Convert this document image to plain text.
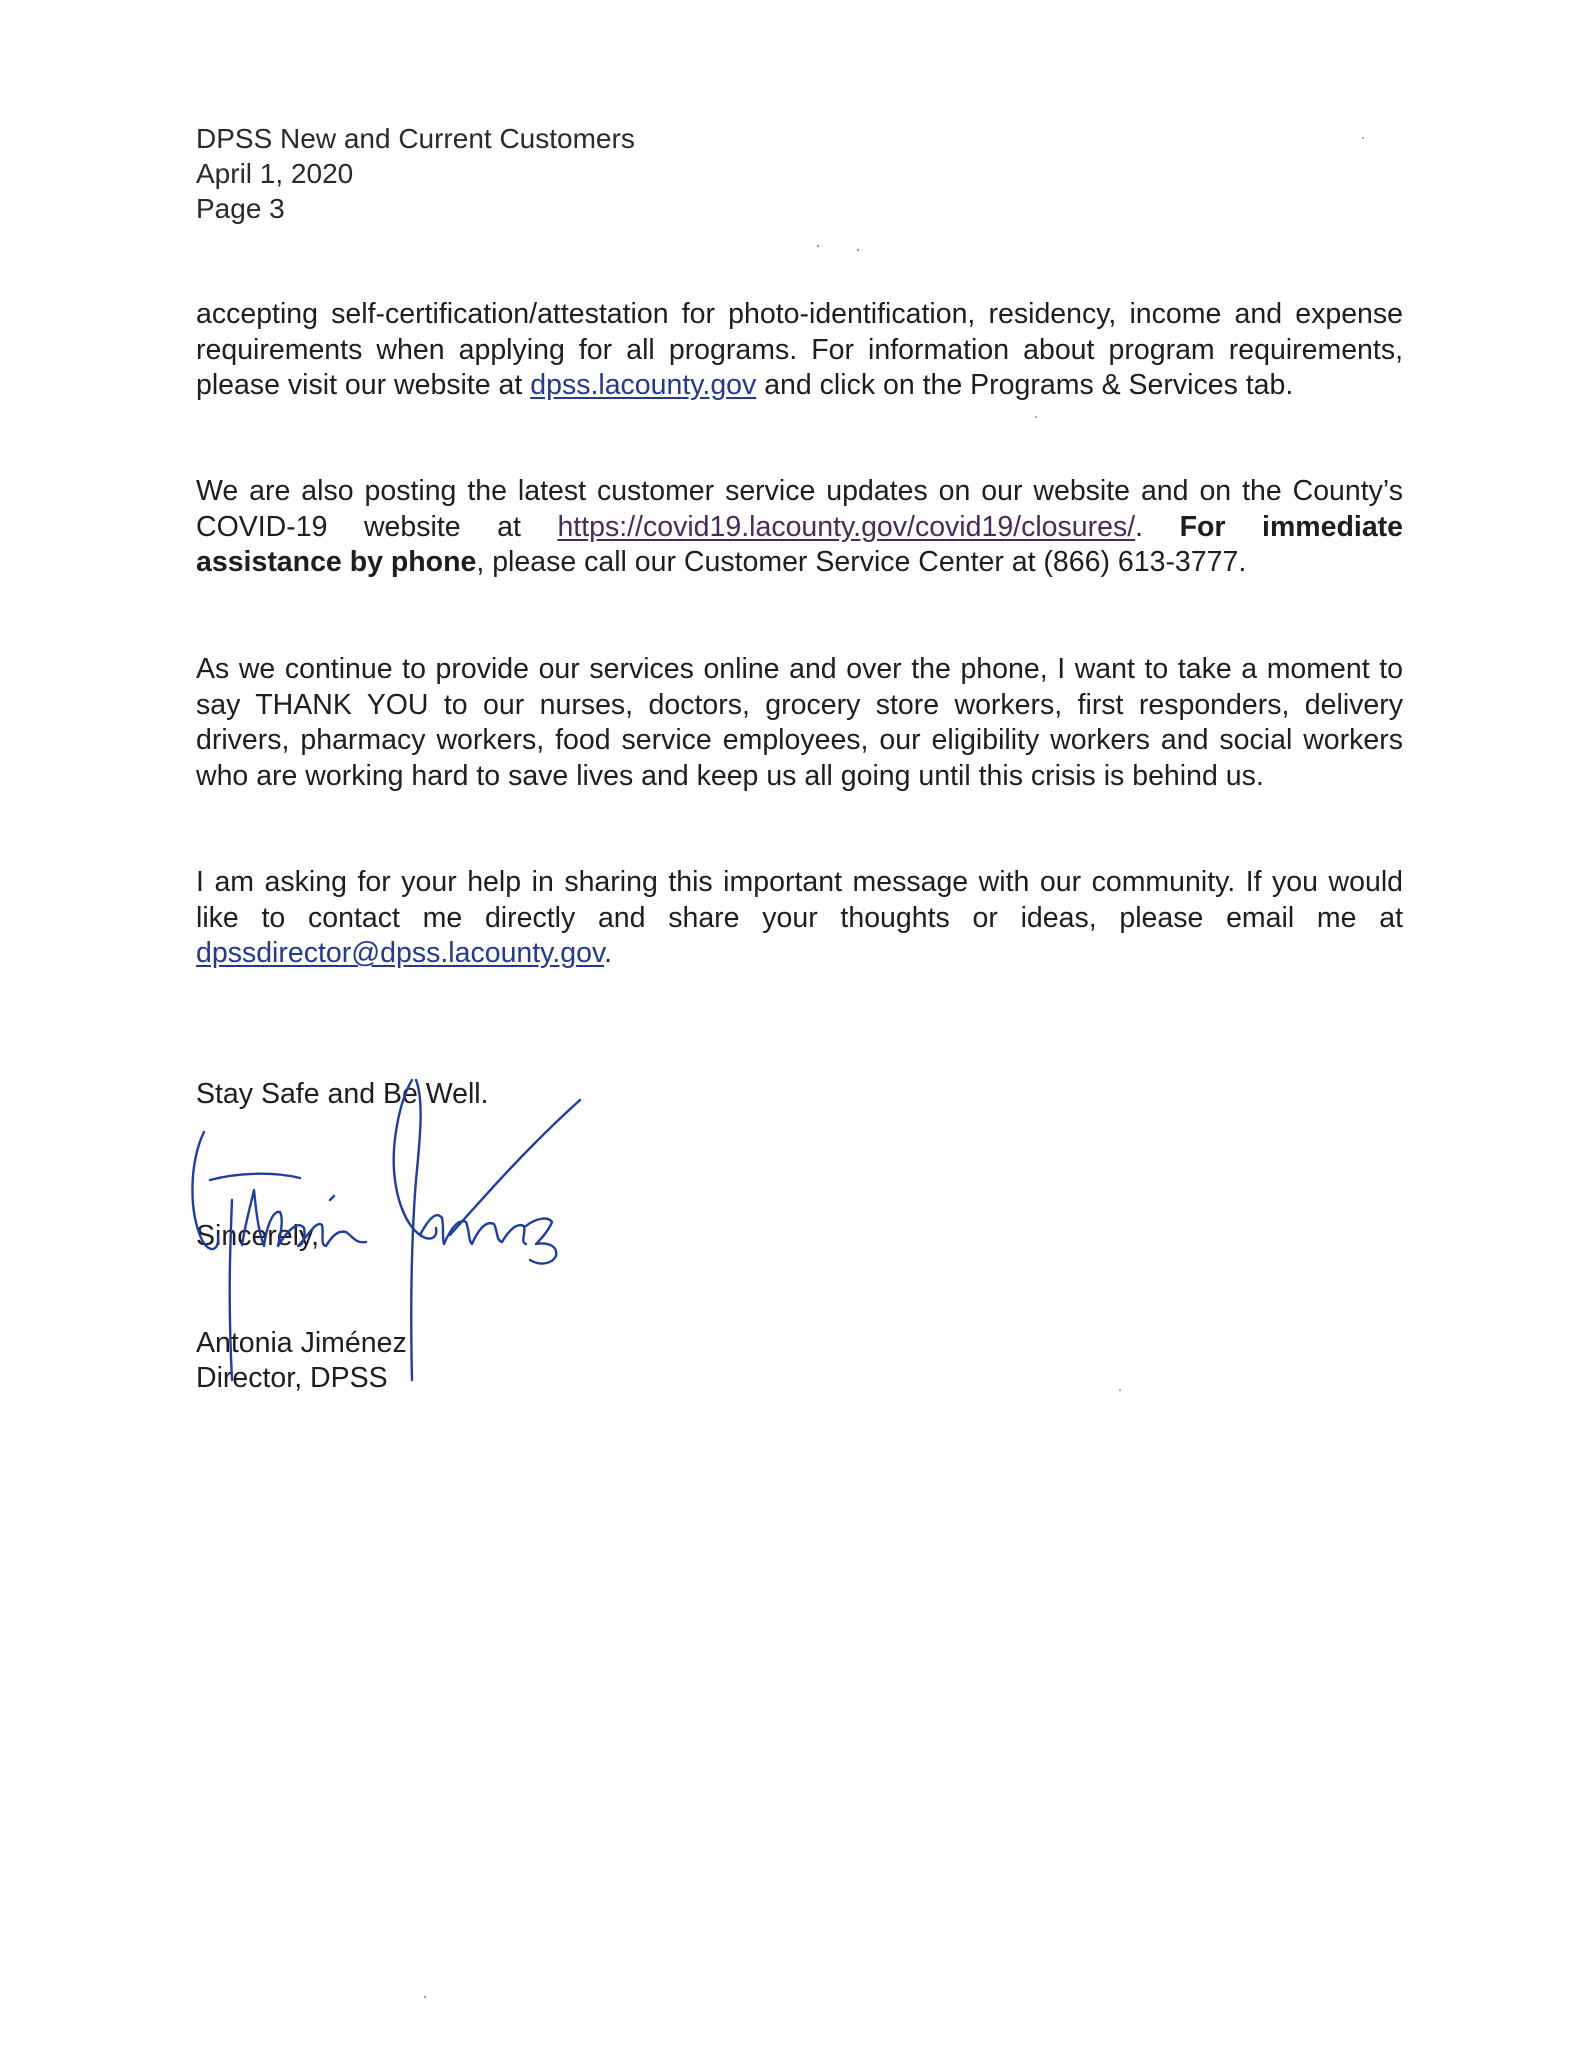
DPSS New and Current Customers
April 1, 2020
Page 3

accepting self-certification/attestation for photo-identification, residency, income and expense requirements when applying for all programs. For information about program requirements, please visit our website at dpss.lacounty.gov and click on the Programs & Services tab.

We are also posting the latest customer service updates on our website and on the County’s COVID-19 website at https://covid19.lacounty.gov/covid19/closures/. For immediate assistance by phone, please call our Customer Service Center at (866) 613-3777.

As we continue to provide our services online and over the phone, I want to take a moment to say THANK YOU to our nurses, doctors, grocery store workers, first responders, delivery drivers, pharmacy workers, food service employees, our eligibility workers and social workers who are working hard to save lives and keep us all going until this crisis is behind us.

I am asking for your help in sharing this important message with our community. If you would like to contact me directly and share your thoughts or ideas, please email me at dpssdirector@dpss.lacounty.gov.

Stay Safe and Be Well.
Sincerely,
Antonia Jiménez
Director, DPSS
